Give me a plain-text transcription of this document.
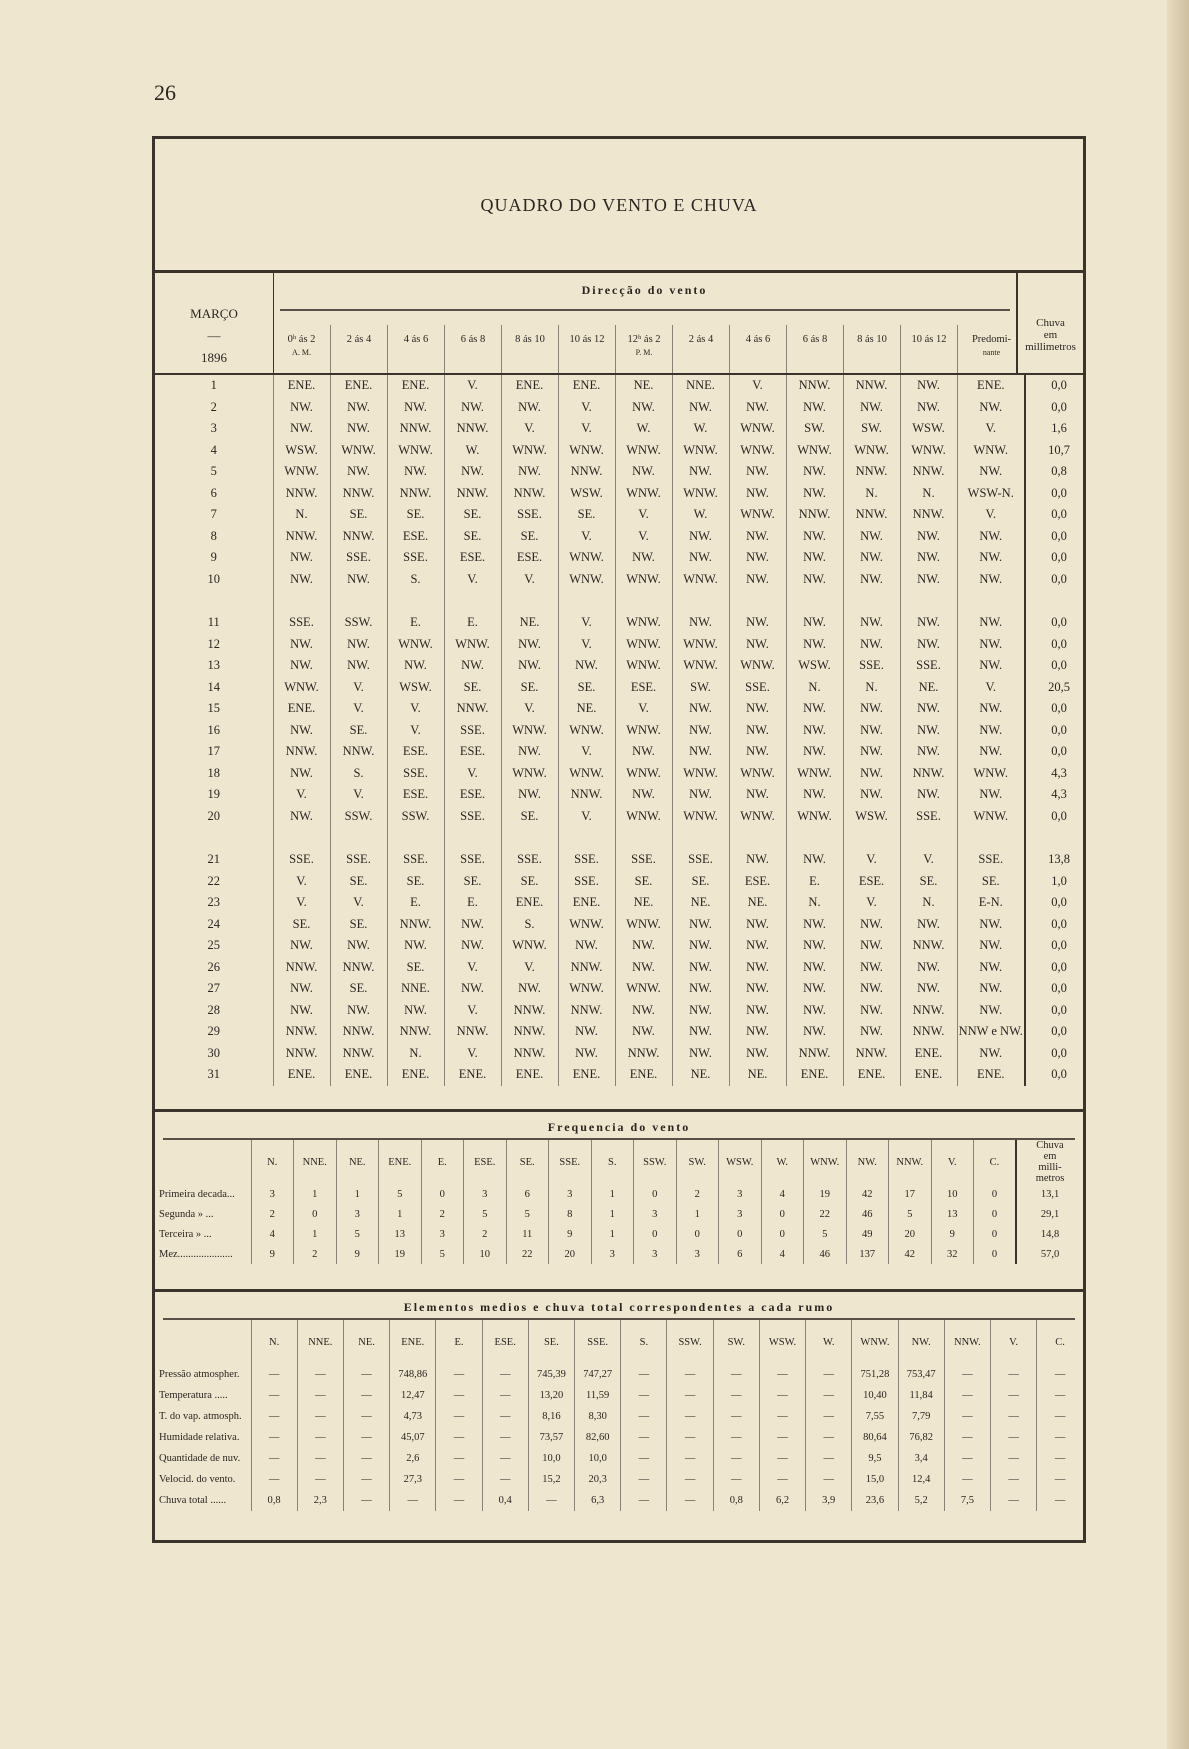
26
QUADRO DO VENTO E CHUVA
MARÇO
—
1896
Direcção do vento
0ʰ ás 2
A. M.
2 ás 4	4 ás 6	6 ás 8	8 ás 10	10 ás 12	12ʰ ás 2
P. M.
2 ás 4	4 ás 6	6 ás 8	8 ás 10	10 ás 12	Predomi-
nante
Chuva
em
millimetros
1	ENE.	ENE.	ENE.	V.	ENE.	ENE.	NE.	NNE.	V.	NNW.	NNW.	NW.	ENE.	0,0
2	NW.	NW.	NW.	NW.	NW.	V.	NW.	NW.	NW.	NW.	NW.	NW.	NW.	0,0
3	NW.	NW.	NNW.	NNW.	V.	V.	W.	W.	WNW.	SW.	SW.	WSW.	V.	1,6
4	WSW.	WNW.	WNW.	W.	WNW.	WNW.	WNW.	WNW.	WNW.	WNW.	WNW.	WNW.	WNW.	10,7
5	WNW.	NW.	NW.	NW.	NW.	NNW.	NW.	NW.	NW.	NW.	NNW.	NNW.	NW.	0,8
6	NNW.	NNW.	NNW.	NNW.	NNW.	WSW.	WNW.	WNW.	NW.	NW.	N.	N.	WSW-N.	0,0
7	N.	SE.	SE.	SE.	SSE.	SE.	V.	W.	WNW.	NNW.	NNW.	NNW.	V.	0,0
8	NNW.	NNW.	ESE.	SE.	SE.	V.	V.	NW.	NW.	NW.	NW.	NW.	NW.	0,0
9	NW.	SSE.	SSE.	ESE.	ESE.	WNW.	NW.	NW.	NW.	NW.	NW.	NW.	NW.	0,0
10	NW.	NW.	S.	V.	V.	WNW.	WNW.	WNW.	NW.	NW.	NW.	NW.	NW.	0,0

11	SSE.	SSW.	E.	E.	NE.	V.	WNW.	NW.	NW.	NW.	NW.	NW.	NW.	0,0
12	NW.	NW.	WNW.	WNW.	NW.	V.	WNW.	WNW.	NW.	NW.	NW.	NW.	NW.	0,0
13	NW.	NW.	NW.	NW.	NW.	NW.	WNW.	WNW.	WNW.	WSW.	SSE.	SSE.	NW.	0,0
14	WNW.	V.	WSW.	SE.	SE.	SE.	ESE.	SW.	SSE.	N.	N.	NE.	V.	20,5
15	ENE.	V.	V.	NNW.	V.	NE.	V.	NW.	NW.	NW.	NW.	NW.	NW.	0,0
16	NW.	SE.	V.	SSE.	WNW.	WNW.	WNW.	NW.	NW.	NW.	NW.	NW.	NW.	0,0
17	NNW.	NNW.	ESE.	ESE.	NW.	V.	NW.	NW.	NW.	NW.	NW.	NW.	NW.	0,0
18	NW.	S.	SSE.	V.	WNW.	WNW.	WNW.	WNW.	WNW.	WNW.	NW.	NNW.	WNW.	4,3
19	V.	V.	ESE.	ESE.	NW.	NNW.	NW.	NW.	NW.	NW.	NW.	NW.	NW.	4,3
20	NW.	SSW.	SSW.	SSE.	SE.	V.	WNW.	WNW.	WNW.	WNW.	WSW.	SSE.	WNW.	0,0

21	SSE.	SSE.	SSE.	SSE.	SSE.	SSE.	SSE.	SSE.	NW.	NW.	V.	V.	SSE.	13,8
22	V.	SE.	SE.	SE.	SE.	SSE.	SE.	SE.	ESE.	E.	ESE.	SE.	SE.	1,0
23	V.	V.	E.	E.	ENE.	ENE.	NE.	NE.	NE.	N.	V.	N.	E-N.	0,0
24	SE.	SE.	NNW.	NW.	S.	WNW.	WNW.	NW.	NW.	NW.	NW.	NW.	NW.	0,0
25	NW.	NW.	NW.	NW.	WNW.	NW.	NW.	NW.	NW.	NW.	NW.	NNW.	NW.	0,0
26	NNW.	NNW.	SE.	V.	V.	NNW.	NW.	NW.	NW.	NW.	NW.	NW.	NW.	0,0
27	NW.	SE.	NNE.	NW.	NW.	WNW.	WNW.	NW.	NW.	NW.	NW.	NW.	NW.	0,0
28	NW.	NW.	NW.	V.	NNW.	NNW.	NW.	NW.	NW.	NW.	NW.	NNW.	NW.	0,0
29	NNW.	NNW.	NNW.	NNW.	NNW.	NW.	NW.	NW.	NW.	NW.	NW.	NNW.	NNW e NW.	0,0
30	NNW.	NNW.	N.	V.	NNW.	NW.	NNW.	NW.	NW.	NNW.	NNW.	ENE.	NW.	0,0
31	ENE.	ENE.	ENE.	ENE.	ENE.	ENE.	ENE.	NE.	NE.	ENE.	ENE.	ENE.	ENE.	0,0
Frequencia do vento
	N.	NNE.	NE.	ENE.	E.	ESE.	SE.	SSE.	S.	SSW.	SW.	WSW.	W.	WNW.	NW.	NNW.	V.	C.	Chuva
em
milli-
metros

Primeira decada...	3	1	1	5	0	3	6	3	1	0	2	3	4	19	42	17	10	0	13,1
Segunda » ...	2	0	3	1	2	5	5	8	1	3	1	3	0	22	46	5	13	0	29,1
Terceira » ...	4	1	5	13	3	2	11	9	1	0	0	0	0	5	49	20	9	0	14,8
Mez.....................	9	2	9	19	5	10	22	20	3	3	3	6	4	46	137	42	32	0	57,0
Elementos medios e chuva total correspondentes a cada rumo
	N.	NNE.	NE.	ENE.	E.	ESE.	SE.	SSE.	S.	SSW.	SW.	WSW.	W.	WNW.	NW.	NNW.	V.	C.
Pressão atmospher.	—	—	—	748,86	—	—	745,39	747,27	—	—	—	—	—	751,28	753,47	—	—	—
Temperatura .....	—	—	—	12,47	—	—	13,20	11,59	—	—	—	—	—	10,40	11,84	—	—	—
T. do vap. atmosph.	—	—	—	4,73	—	—	8,16	8,30	—	—	—	—	—	7,55	7,79	—	—	—
Humidade relativa.	—	—	—	45,07	—	—	73,57	82,60	—	—	—	—	—	80,64	76,82	—	—	—
Quantidade de nuv.	—	—	—	2,6	—	—	10,0	10,0	—	—	—	—	—	9,5	3,4	—	—	—
Velocid. do vento.	—	—	—	27,3	—	—	15,2	20,3	—	—	—	—	—	15,0	12,4	—	—	—
Chuva total ......	0,8	2,3	—	—	—	0,4	—	6,3	—	—	0,8	6,2	3,9	23,6	5,2	7,5	—	—
